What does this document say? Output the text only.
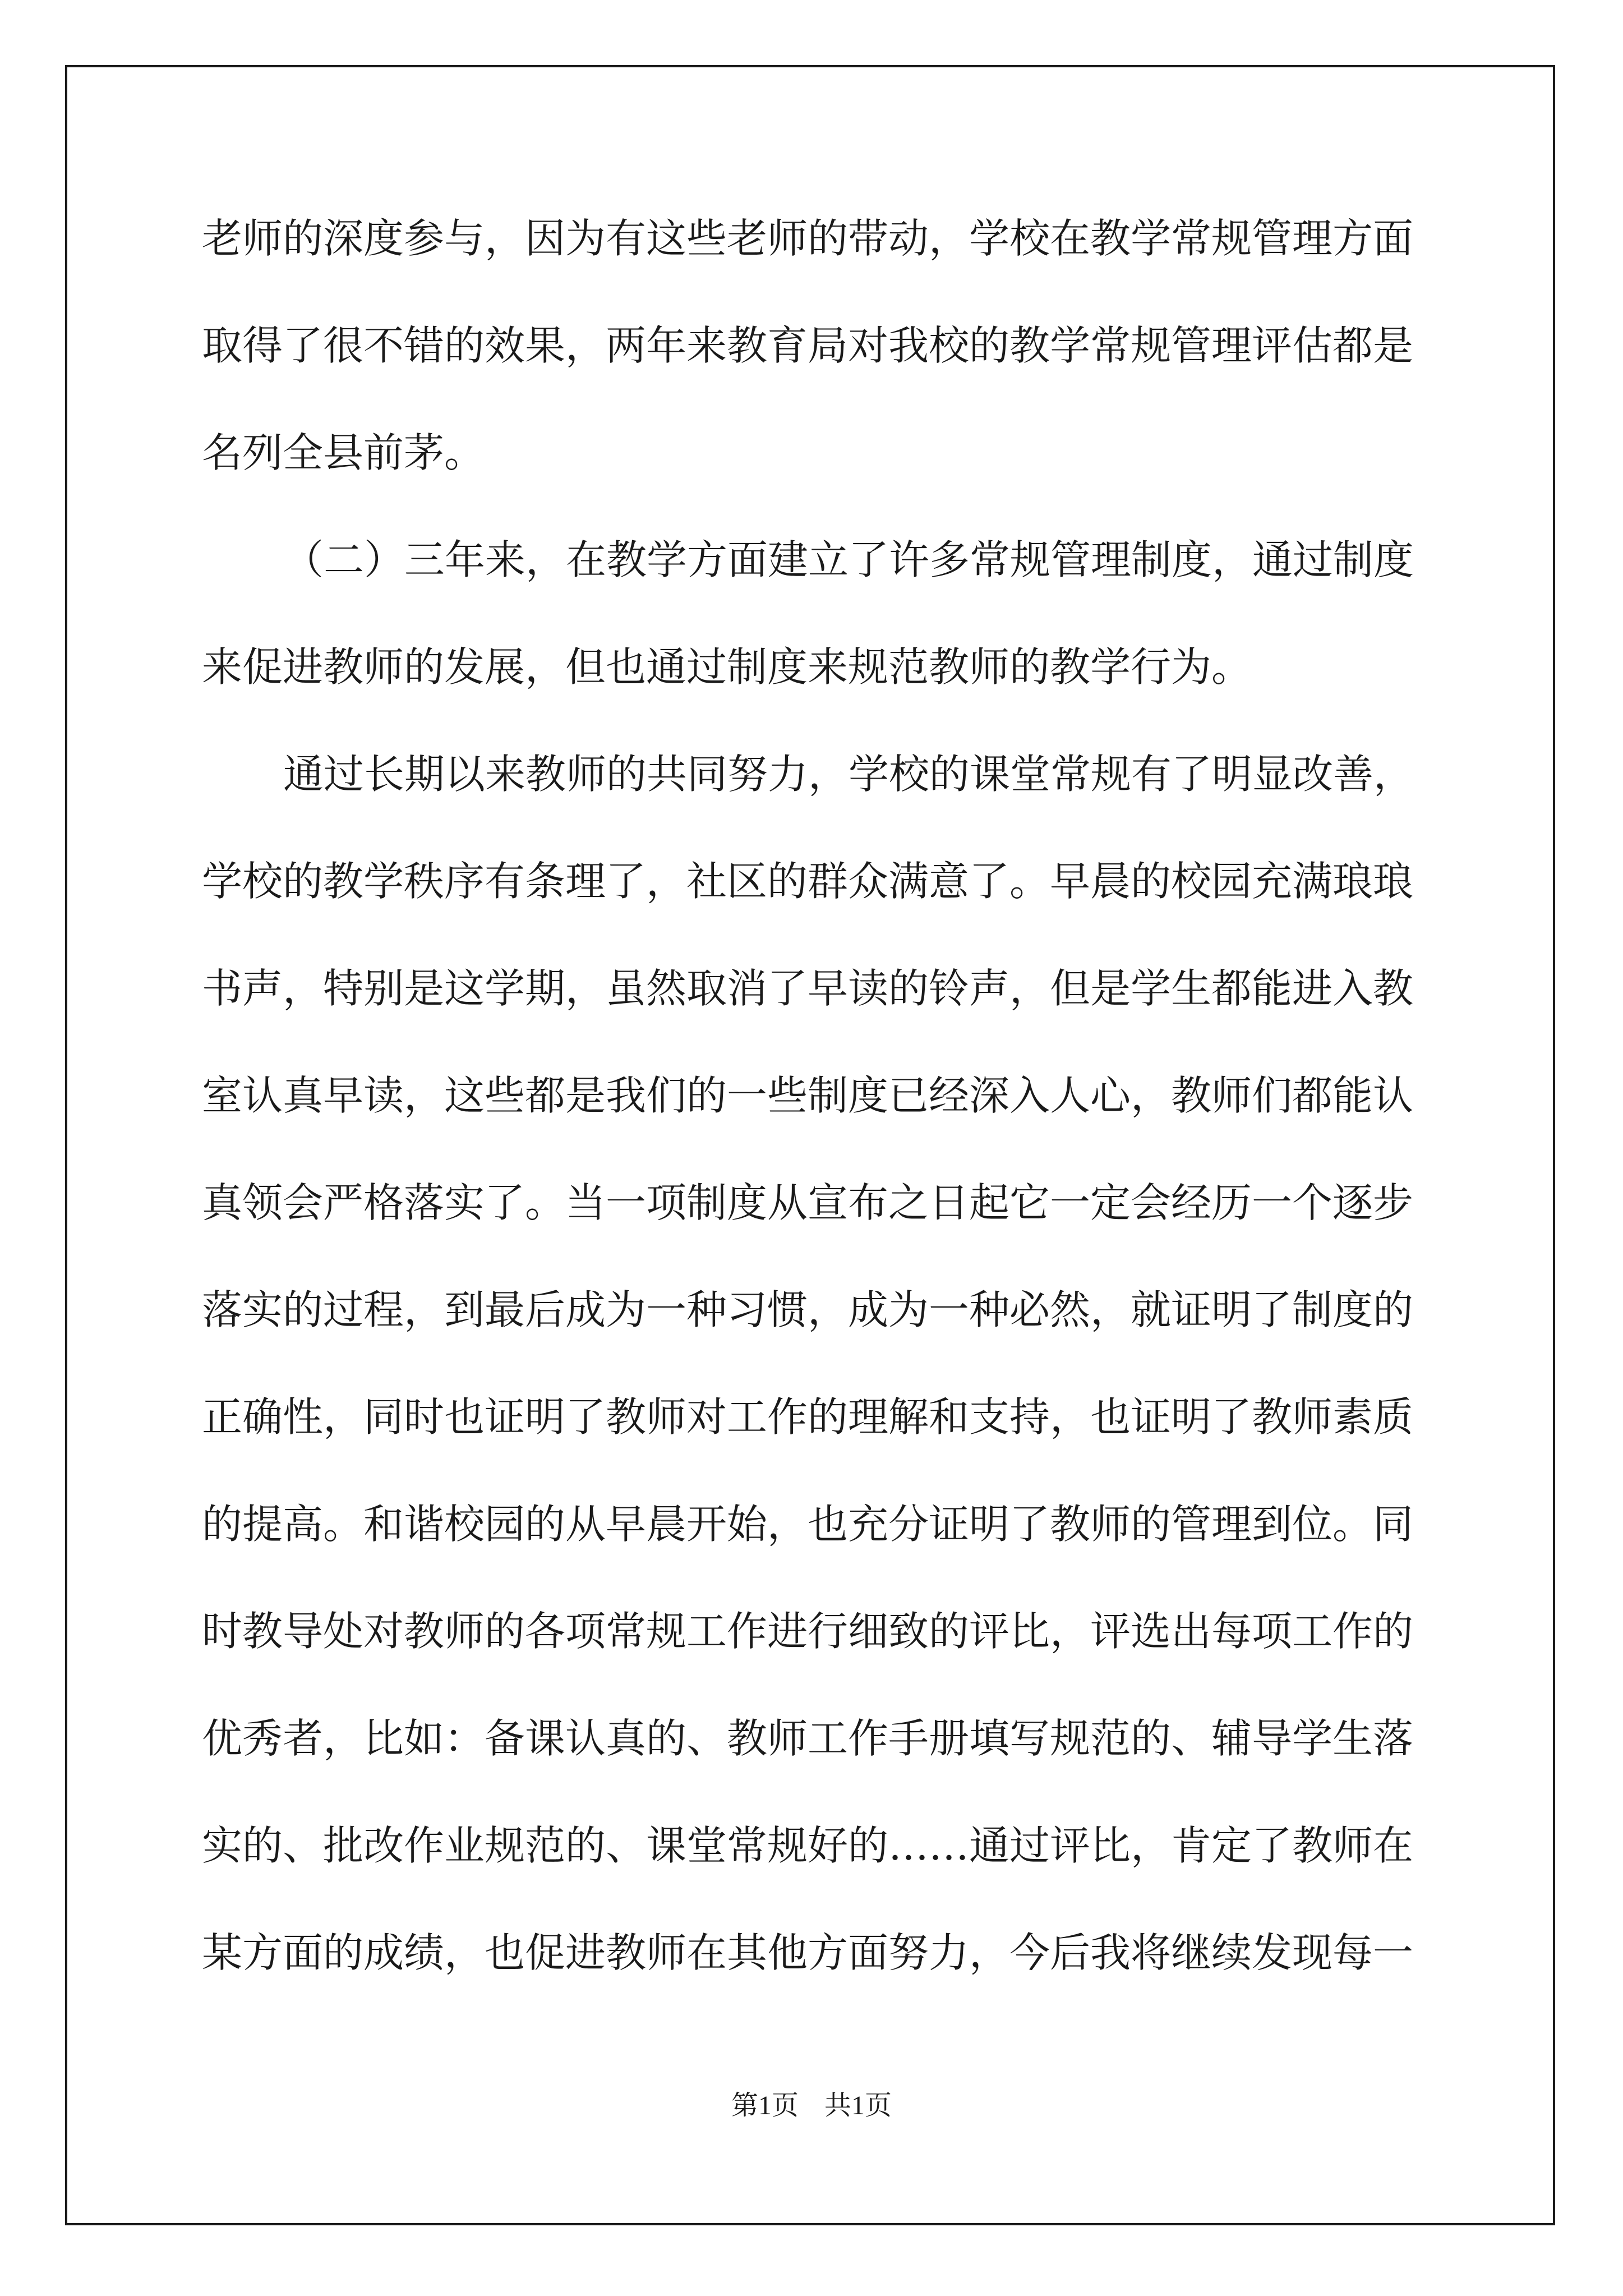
老师的深度参与，因为有这些老师的带动，学校在教学常规管理方面
取得了很不错的效果，两年来教育局对我校的教学常规管理评估都是
名列全县前茅。
（二）三年来，在教学方面建立了许多常规管理制度，通过制度
来促进教师的发展，但也通过制度来规范教师的教学行为。
通过长期以来教师的共同努力，学校的课堂常规有了明显改善，
学校的教学秩序有条理了，社区的群众满意了。早晨的校园充满琅琅
书声，特别是这学期，虽然取消了早读的铃声，但是学生都能进入教
室认真早读，这些都是我们的一些制度已经深入人心，教师们都能认
真领会严格落实了。当一项制度从宣布之日起它一定会经历一个逐步
落实的过程，到最后成为一种习惯，成为一种必然，就证明了制度的
正确性，同时也证明了教师对工作的理解和支持，也证明了教师素质
的提高。和谐校园的从早晨开始，也充分证明了教师的管理到位。同
时教导处对教师的各项常规工作进行细致的评比，评选出每项工作的
优秀者，比如：备课认真的、教师工作手册填写规范的、辅导学生落
实的、批改作业规范的、课堂常规好的……通过评比，肯定了教师在
某方面的成绩，也促进教师在其他方面努力，今后我将继续发现每一
第1页 共1页
